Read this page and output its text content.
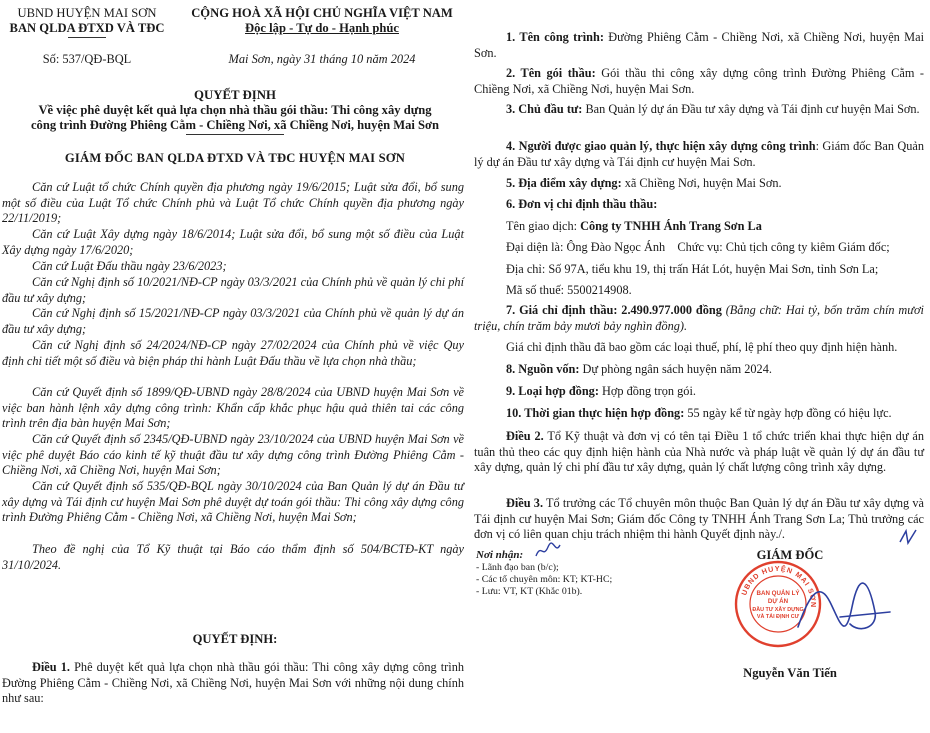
UBND HUYỆN MAI SƠN
BAN QLDA ĐTXD VÀ TĐC
Số: 537/QĐ-BQL
CỘNG HOÀ XÃ HỘI CHỦ NGHĨA VIỆT NAM
Độc lập - Tự do - Hạnh phúc
Mai Sơn, ngày 31 tháng 10 năm 2024
QUYẾT ĐỊNH
Về việc phê duyệt kết quả lựa chọn nhà thầu gói thầu: Thi công xây dựng
công trình Đường Phiêng Cằm - Chiềng Nơi, xã Chiềng Nơi, huyện Mai Sơn
GIÁM ĐỐC BAN QLDA ĐTXD VÀ TĐC HUYỆN MAI SƠN
Căn cứ Luật tổ chức Chính quyền địa phương ngày 19/6/2015; Luật sửa đổi, bổ sung một số điều của Luật Tổ chức Chính phủ và Luật Tổ chức Chính quyền địa phương ngày 22/11/2019;
Căn cứ Luật Xây dựng ngày 18/6/2014; Luật sửa đổi, bổ sung một số điều của Luật Xây dựng ngày 17/6/2020;
Căn cứ Luật Đấu thầu ngày 23/6/2023;
Căn cứ Nghị định số 10/2021/NĐ-CP ngày 03/3/2021 của Chính phủ về quản lý chi phí đầu tư xây dựng;
Căn cứ Nghị định số 15/2021/NĐ-CP ngày 03/3/2021 của Chính phủ về quản lý dự án đầu tư xây dựng;
Căn cứ Nghị định số 24/2024/NĐ-CP ngày 27/02/2024 của Chính phủ về việc Quy định chi tiết một số điều và biện pháp thi hành Luật Đấu thầu về lựa chọn nhà thầu;
Căn cứ Quyết định số 1899/QĐ-UBND ngày 28/8/2024 của UBND huyện Mai Sơn về việc ban hành lệnh xây dựng công trình: Khẩn cấp khắc phục hậu quả thiên tai các công trình trên địa bàn huyện Mai Sơn;
Căn cứ Quyết định số 2345/QĐ-UBND ngày 23/10/2024 của UBND huyện Mai Sơn về việc phê duyệt Báo cáo kinh tế kỹ thuật đầu tư xây dựng công trình Đường Phiêng Cằm - Chiềng Nơi, xã Chiềng Nơi, huyện Mai Sơn;
Căn cứ Quyết định số 535/QĐ-BQL ngày 30/10/2024 của Ban Quản lý dự án Đầu tư xây dựng và Tái định cư huyện Mai Sơn phê duyệt dự toán gói thầu: Thi công xây dựng công trình Đường Phiêng Cằm - Chiềng Nơi, xã Chiềng Nơi, huyện Mai Sơn;
Theo đề nghị của Tổ Kỹ thuật tại Báo cáo thẩm định số 504/BCTĐ-KT ngày 31/10/2024.
QUYẾT ĐỊNH:
Điều 1. Phê duyệt kết quả lựa chọn nhà thầu gói thầu: Thi công xây dựng công trình Đường Phiêng Cằm - Chiềng Nơi, xã Chiềng Nơi, huyện Mai Sơn với những nội dung chính như sau:
1. Tên công trình: Đường Phiêng Cằm - Chiềng Nơi, xã Chiềng Nơi, huyện Mai Sơn.
2. Tên gói thầu: Gói thầu thi công xây dựng công trình Đường Phiêng Cằm - Chiềng Nơi, xã Chiềng Nơi, huyện Mai Sơn.
3. Chủ đầu tư: Ban Quản lý dự án Đầu tư xây dựng và Tái định cư huyện Mai Sơn.
4. Người được giao quản lý, thực hiện xây dựng công trình: Giám đốc Ban Quản lý dự án Đầu tư xây dựng và Tái định cư huyện Mai Sơn.
5. Địa điểm xây dựng: xã Chiềng Nơi, huyện Mai Sơn.
6. Đơn vị chỉ định thầu thầu:
Tên giao dịch: Công ty TNHH Ánh Trang Sơn La
Đại diện là: Ông Đào Ngọc Ánh    Chức vụ: Chủ tịch công ty kiêm Giám đốc;
Địa chỉ: Số 97A, tiểu khu 19, thị trấn Hát Lót, huyện Mai Sơn, tỉnh Sơn La;
Mã số thuế: 5500214908.
7. Giá chỉ định thầu: 2.490.977.000 đồng (Bằng chữ: Hai tỷ, bốn trăm chín mươi triệu, chín trăm bảy mươi bảy nghìn đồng).
Giá chỉ định thầu đã bao gồm các loại thuế, phí, lệ phí theo quy định hiện hành.
8. Nguồn vốn: Dự phòng ngân sách huyện năm 2024.
9. Loại hợp đồng: Hợp đồng trọn gói.
10. Thời gian thực hiện hợp đồng: 55 ngày kể từ ngày hợp đồng có hiệu lực.
Điều 2. Tổ Kỹ thuật và đơn vị có tên tại Điều 1 tổ chức triển khai thực hiện dự án tuân thủ theo các quy định hiện hành của Nhà nước và pháp luật về quản lý dự án đầu tư xây dựng, quản lý chi phí đầu tư xây dựng, quản lý chất lượng công trình xây dựng.
Điều 3. Tổ trưởng các Tổ chuyên môn thuộc Ban Quản lý dự án Đầu tư xây dựng và Tái định cư huyện Mai Sơn; Giám đốc Công ty TNHH Ánh Trang Sơn La; Thủ trưởng các đơn vị có liên quan chịu trách nhiệm thi hành Quyết định này./.
Nơi nhận:
- Lãnh đạo ban (b/c);
- Các tổ chuyên môn: KT; KT-HC;
- Lưu: VT, KT (Khắc 01b).
GIÁM ĐỐC
UBND HUYỆN MAI SƠN
BAN QUẢN LÝ
DỰ ÁN
ĐẦU TƯ XÂY DỰNG
VÀ TÁI ĐỊNH CƯ
Nguyễn Văn Tiến
